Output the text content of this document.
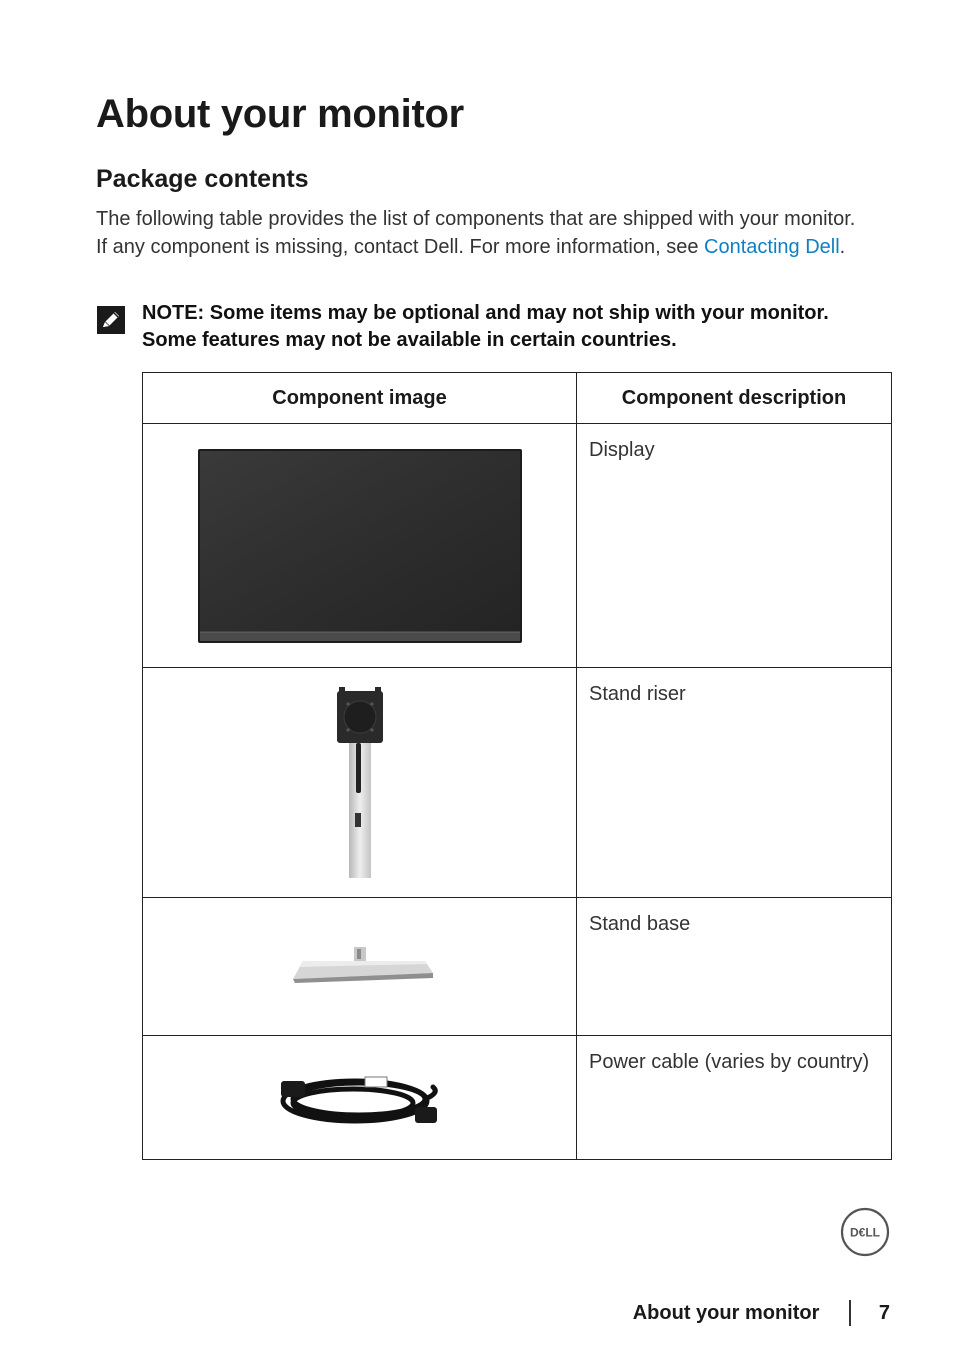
About your monitor
Package contents

The following table provides the list of components that are shipped with your monitor. If any component is missing, contact Dell. For more information, see Contacting Dell.

NOTE: Some items may be optional and may not ship with your monitor. Some features may not be available in certain countries.

Component image	Component description

	Display

	Stand riser

	Stand base

	Power cable (varies by country)
D€LL
About your monitor	7
